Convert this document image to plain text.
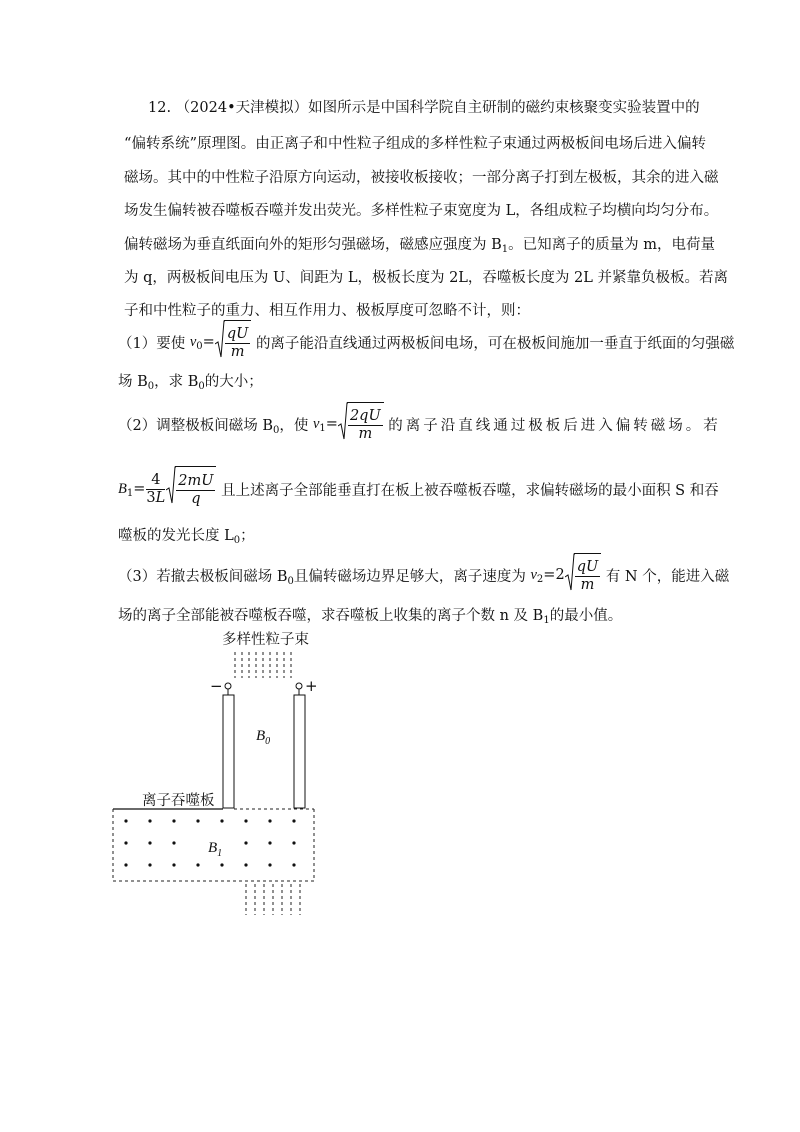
12. （2024•天津模拟）如图所示是中国科学院自主研制的磁约束核聚变实验装置中的
“偏转系统”原理图。由正离子和中性粒子组成的多样性粒子束通过两极板间电场后进入偏转
磁场。其中的中性粒子沿原方向运动，被接收板接收；一部分离子打到左极板，其余的进入磁
场发生偏转被吞噬板吞噬并发出荧光。多样性粒子束宽度为 L，各组成粒子均横向均匀分布。
偏转磁场为垂直纸面向外的矩形匀强磁场，磁感应强度为 $B_1$。已知离子的质量为 m，电荷量
为 q，两极板间电压为 U、间距为 L，极板长度为 2L，吞噬板长度为 2L 并紧靠负极板。若离
子和中性粒子的重力、相互作用力、极板厚度可忽略不计，则：
（1）要使 $v_0= \frac{qU}{m}$ 的离子能沿直线通过两极板间电场，可在极板间施加一垂直于纸面的匀强磁
场 $B_0$，求 $B_0$的大小；
（2）调整极板间磁场 $B_0$，使 $v_1= \frac{2qU}{m}$ 的离子沿直线通过极板后进入偏转磁场。若
$B_1= \frac{4}{3L} \frac{2mU}{q}$ 且上述离子全部能垂直打在板上被吞噬板吞噬，求偏转磁场的最小面积 S 和吞
噬板的发光长度 $L_0$；
（3）若撤去极板间磁场 $B_0$且偏转磁场边界足够大，离子速度为 $v_2=2 \frac{qU}{m}$ 有 N 个，能进入磁
场的离子全部能被吞噬板吞噬，求吞噬板上收集的离子个数 n 及 $B_1$的最小值。
多样性粒子束
−	+
$B_0$
离子吞噬板
$B_1$
